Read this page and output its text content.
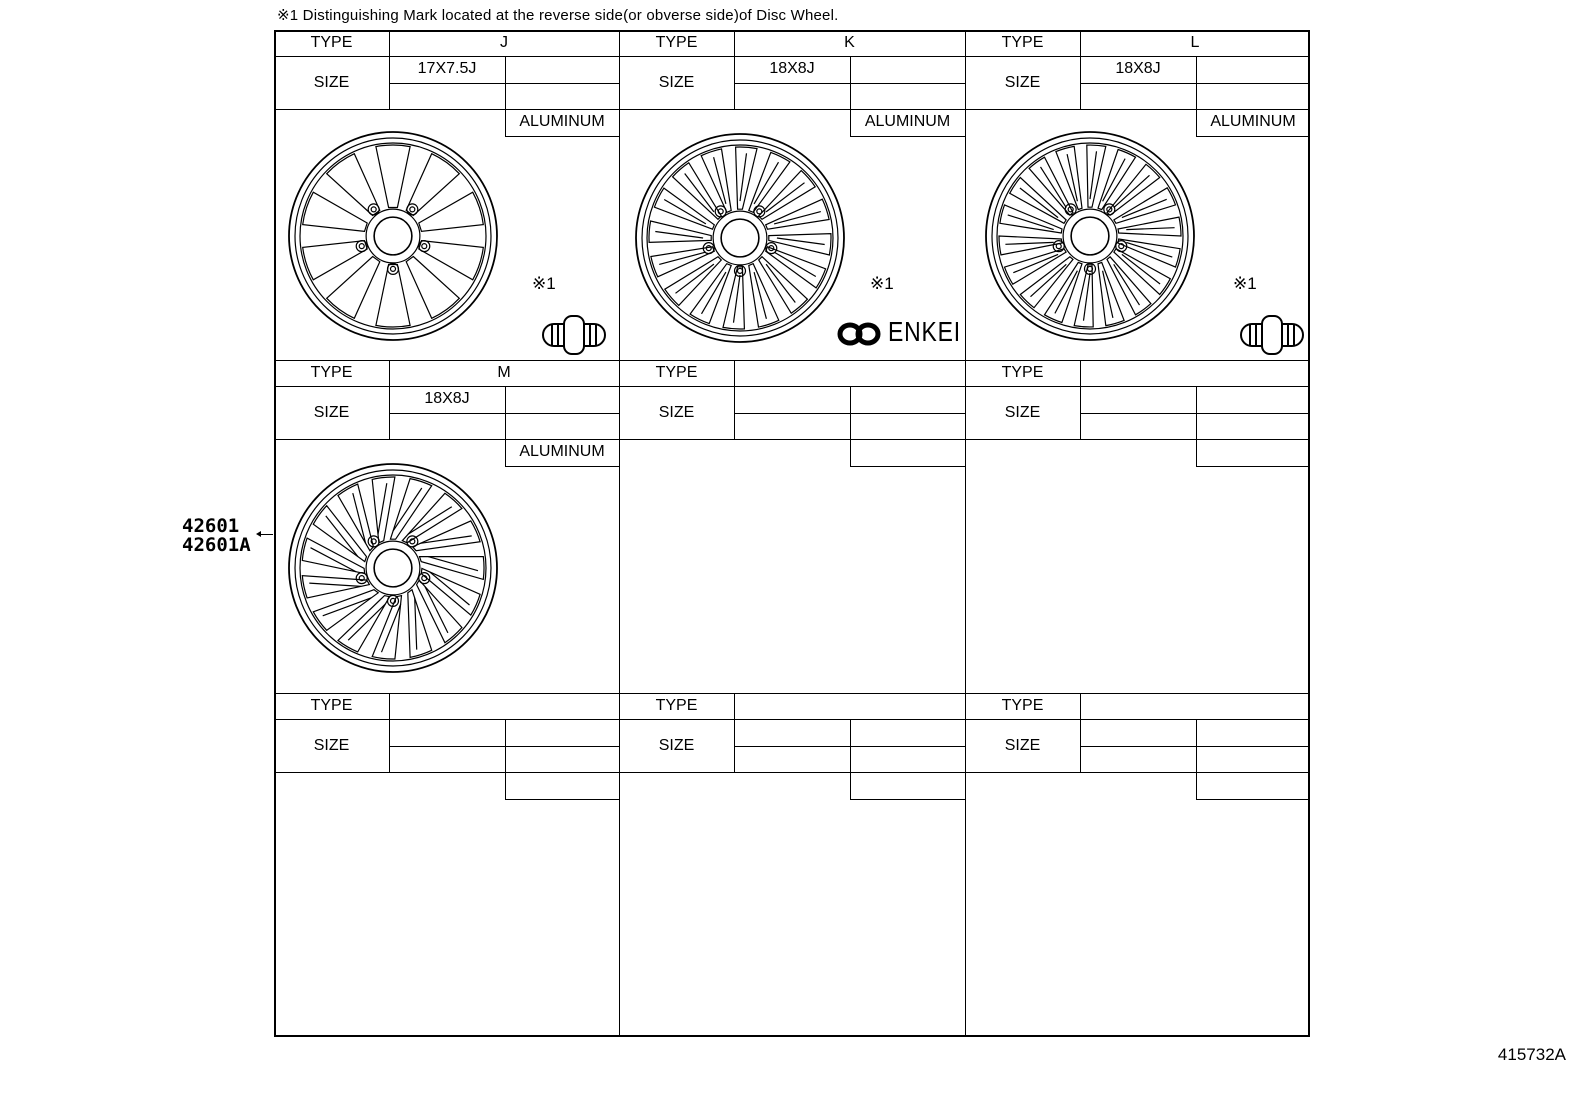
※1 Distinguishing Mark located at the reverse side(or obverse side)of Disc Wheel.
42601
42601A
415732A
TYPE
SIZE
J
17X7.5J
ALUMINUM
TYPE
SIZE
K
18X8J
ALUMINUM
TYPE
SIZE
L
18X8J
ALUMINUM
TYPE
SIZE
M
18X8J
ALUMINUM
TYPE
SIZE
TYPE
SIZE
TYPE
SIZE
TYPE
SIZE
TYPE
SIZE
※1	※1	※1
ENKEI
